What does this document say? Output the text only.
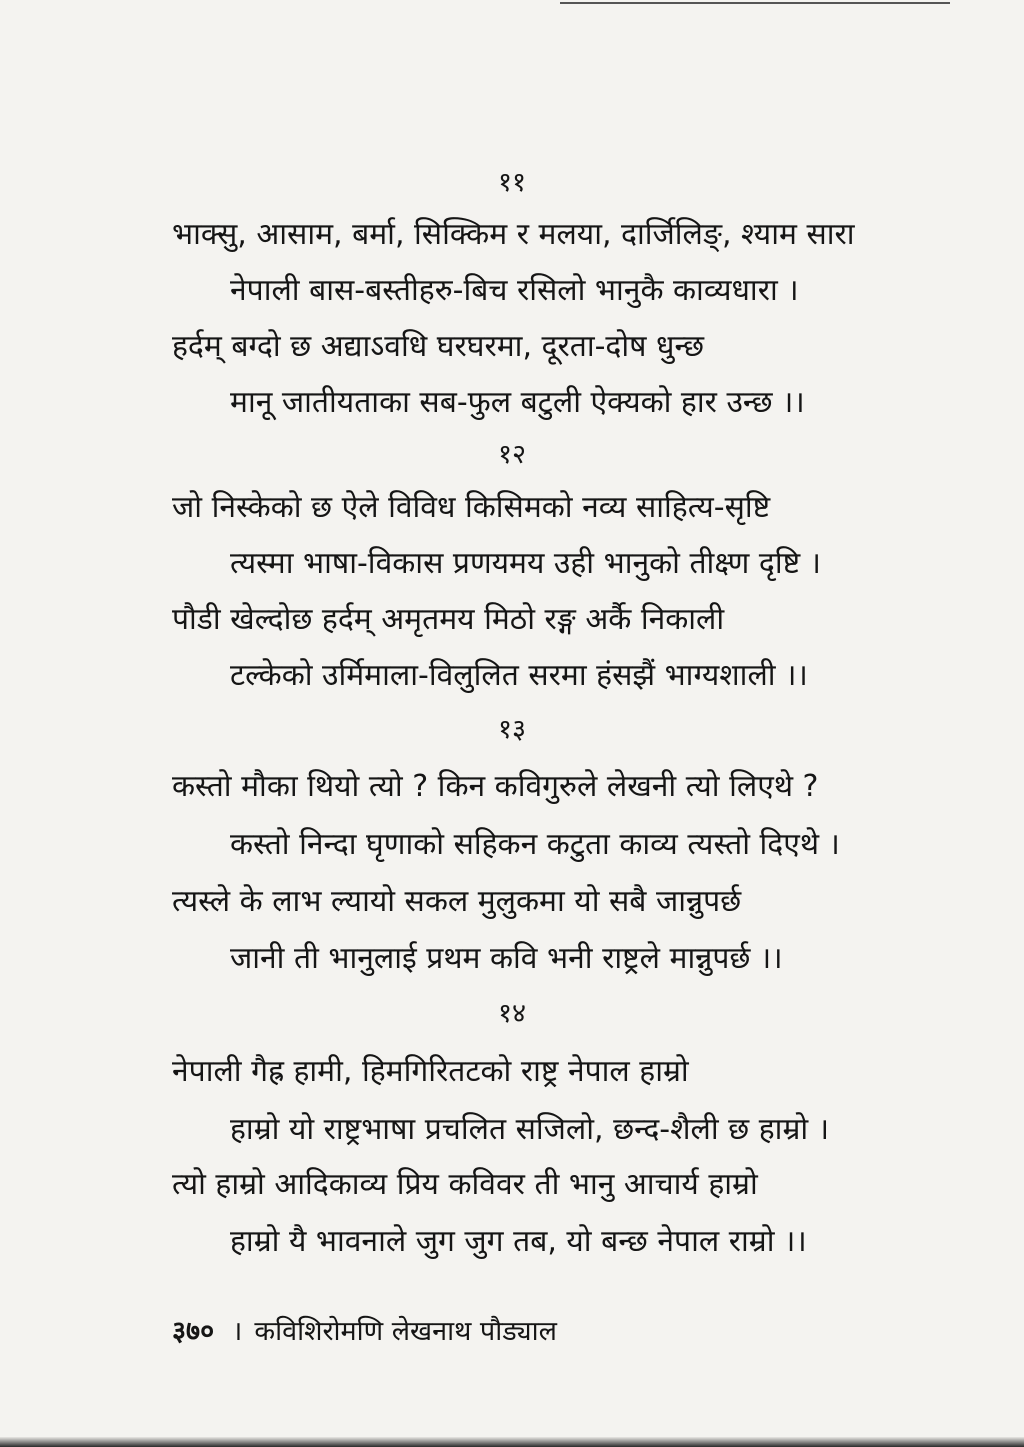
११
भाक्सु, आसाम, बर्मा, सिक्किम र मलया, दार्जिलिङ्, श्याम सारा
नेपाली बास-बस्तीहरु-बिच रसिलो भानुकै काव्यधारा ।
हर्दम् बग्दो छ अद्याऽवधि घरघरमा, दूरता-दोष धुन्छ
मानू जातीयताका सब-फुल बटुली ऐक्यको हार उन्छ ।।
१२
जो निस्केको छ ऐले विविध किसिमको नव्य साहित्य-सृष्टि
त्यस्मा भाषा-विकास प्रणयमय उही भानुको तीक्ष्ण दृष्टि ।
पौडी खेल्दोछ हर्दम् अमृतमय मिठो रङ्ग अर्कै निकाली
टल्केको उर्मिमाला-विलुलित सरमा हंसझैं भाग्यशाली ।।
१३
कस्तो मौका थियो त्यो ? किन कविगुरुले लेखनी त्यो लिएथे ?
कस्तो निन्दा घृणाको सहिकन कटुता काव्य त्यस्तो दिएथे ।
त्यस्ले के लाभ ल्यायो सकल मुलुकमा यो सबै जान्नुपर्छ
जानी ती भानुलाई प्रथम कवि भनी राष्ट्रले मान्नुपर्छ ।।
१४
नेपाली गैह्र हामी, हिमगिरितटको राष्ट्र नेपाल हाम्रो
हाम्रो यो राष्ट्रभाषा प्रचलित सजिलो, छन्द-शैली छ हाम्रो ।
त्यो हाम्रो आदिकाव्य प्रिय कविवर ती भानु आचार्य हाम्रो
हाम्रो यै भावनाले जुग जुग तब, यो बन्छ नेपाल राम्रो ।।
३७० । कविशिरोमणि लेखनाथ पौड्याल
